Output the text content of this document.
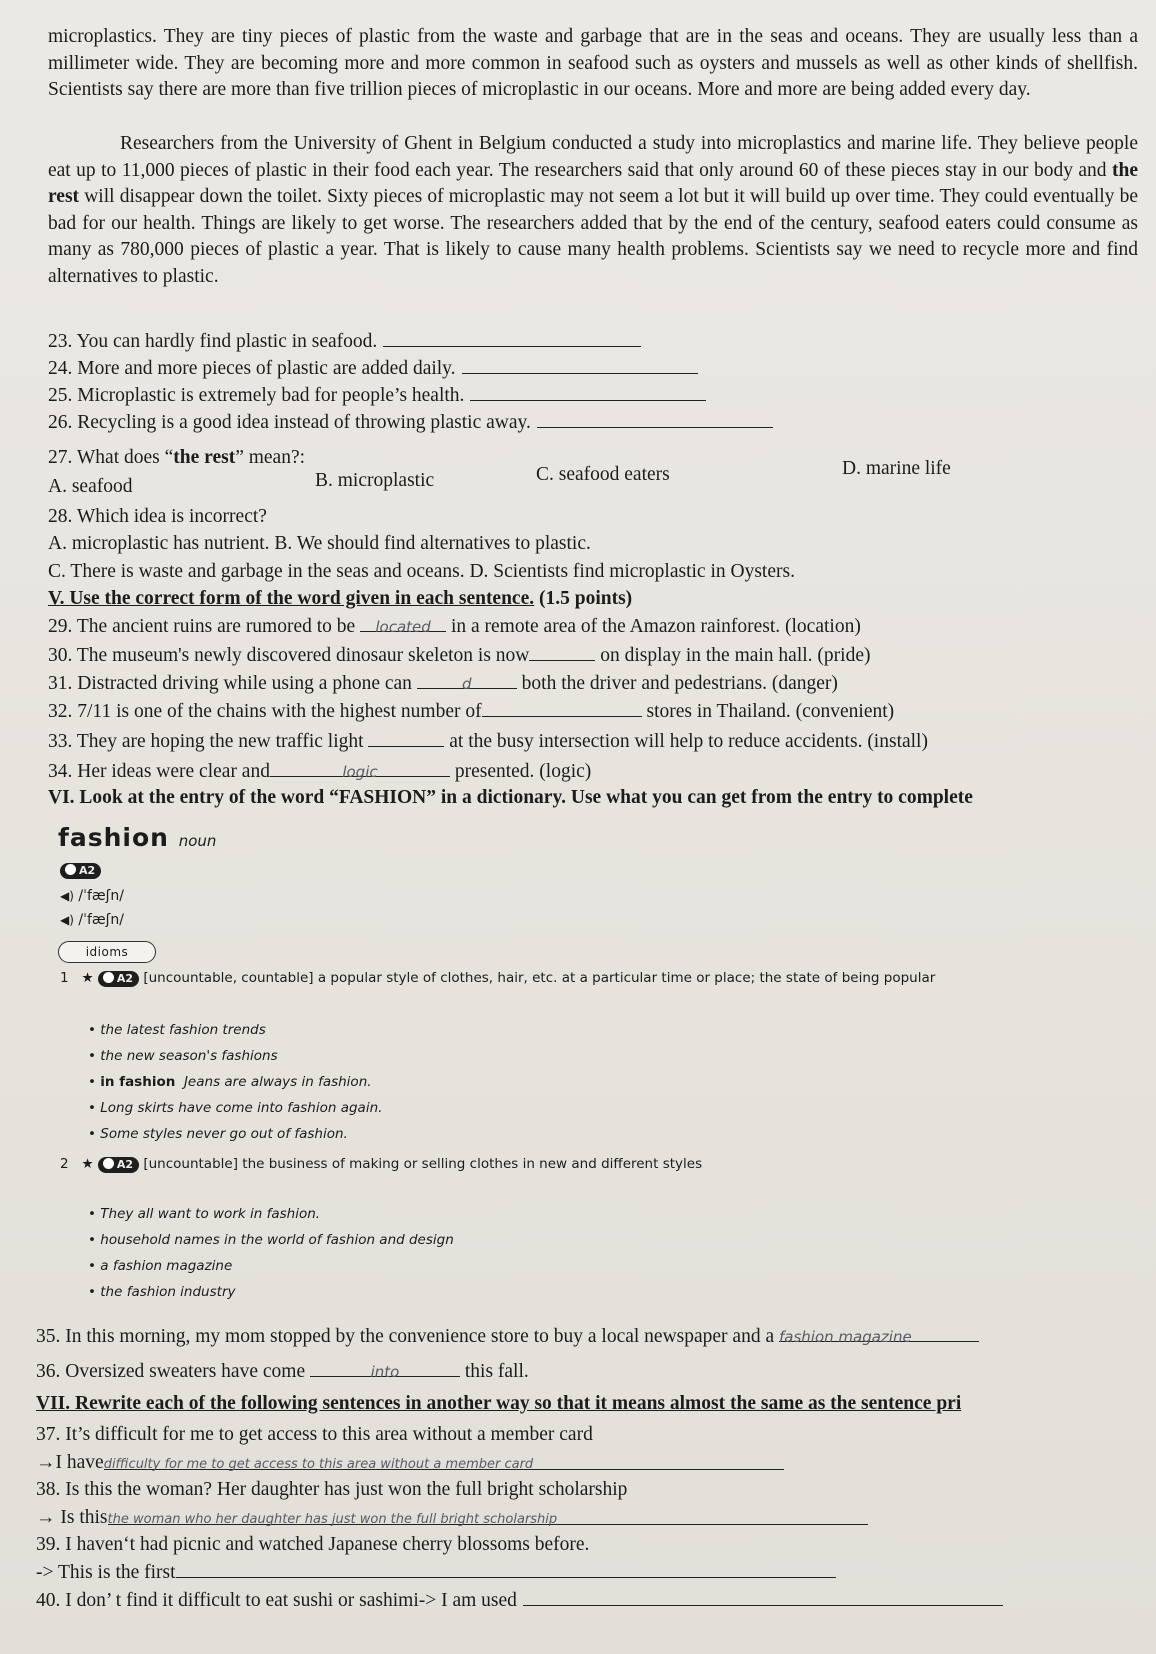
microplastics. They are tiny pieces of plastic from the waste and garbage that are in the seas and oceans. They are usually less than a millimeter wide. They are becoming more and more common in seafood such as oysters and mussels as well as other kinds of shellfish. Scientists say there are more than five trillion pieces of microplastic in our oceans. More and more are being added every day.

Researchers from the University of Ghent in Belgium conducted a study into microplastics and marine life. They believe people eat up to 11,000 pieces of plastic in their food each year. The researchers said that only around 60 of these pieces stay in our body and the rest will disappear down the toilet. Sixty pieces of microplastic may not seem a lot but it will build up over time. They could eventually be bad for our health. Things are likely to get worse. The researchers added that by the end of the century, seafood eaters could consume as many as 780,000 pieces of plastic a year. That is likely to cause many health problems. Scientists say we need to recycle more and find alternatives to plastic.

23. You can hardly find plastic in seafood.
24. More and more pieces of plastic are added daily.
25. Microplastic is extremely bad for people’s health.
26. Recycling is a good idea instead of throwing plastic away.
27. What does “the rest” mean?:
A. seafood	B. microplastic	C. seafood eaters	D. marine life
28. Which idea is incorrect?
A. microplastic has nutrient. B. We should find alternatives to plastic.
C. There is waste and garbage in the seas and oceans. D. Scientists find microplastic in Oysters.
V. Use the correct form of the word given in each sentence. (1.5 points)
29. The ancient ruins are rumored to be located in a remote area of the Amazon rainforest. (location)
30. The museum's newly discovered dinosaur skeleton is now	on display in the main hall. (pride)
31. Distracted driving while using a phone can	d both the driver and pedestrians. (danger)
32. 7/11 is one of the chains with the highest number of	stores in Thailand. (convenient)
33. They are hoping the new traffic light	at the busy intersection will help to reduce accidents. (install)
34. Her ideas were clear and	logic	presented. (logic)
VI. Look at the entry of the word “FASHION” in a dictionary. Use what you can get from the entry to complete
fashion noun
A2
◀) /ˈfæʃn/
◀) /ˈfæʃn/
idioms
1 ★ A2 [uncountable, countable] a popular style of clothes, hair, etc. at a particular time or place; the state of being popular
• the latest fashion trends
• the new season's fashions
• in fashion Jeans are always in fashion.
• Long skirts have come into fashion again.
• Some styles never go out of fashion.
2 ★ A2 [uncountable] the business of making or selling clothes in new and different styles
• They all want to work in fashion.
• household names in the world of fashion and design
• a fashion magazine
• the fashion industry
35. In this morning, my mom stopped by the convenience store to buy a local newspaper and a fashion magazine
36. Oversized sweaters have come	into	this fall.
VII. Rewrite each of the following sentences in another way so that it means almost the same as the sentence pri
37. It’s difficult for me to get access to this area without a member card
→I havedifficulty for me to get access to this area without a member card
38. Is this the woman? Her daughter has just won the full bright scholarship
→ Is thisthe woman who her daughter has just won the full bright scholarship
39. I haven‘t had picnic and watched Japanese cherry blossoms before.
-> This is the first
40. I don’ t find it difficult to eat sushi or sashimi-> I am used
